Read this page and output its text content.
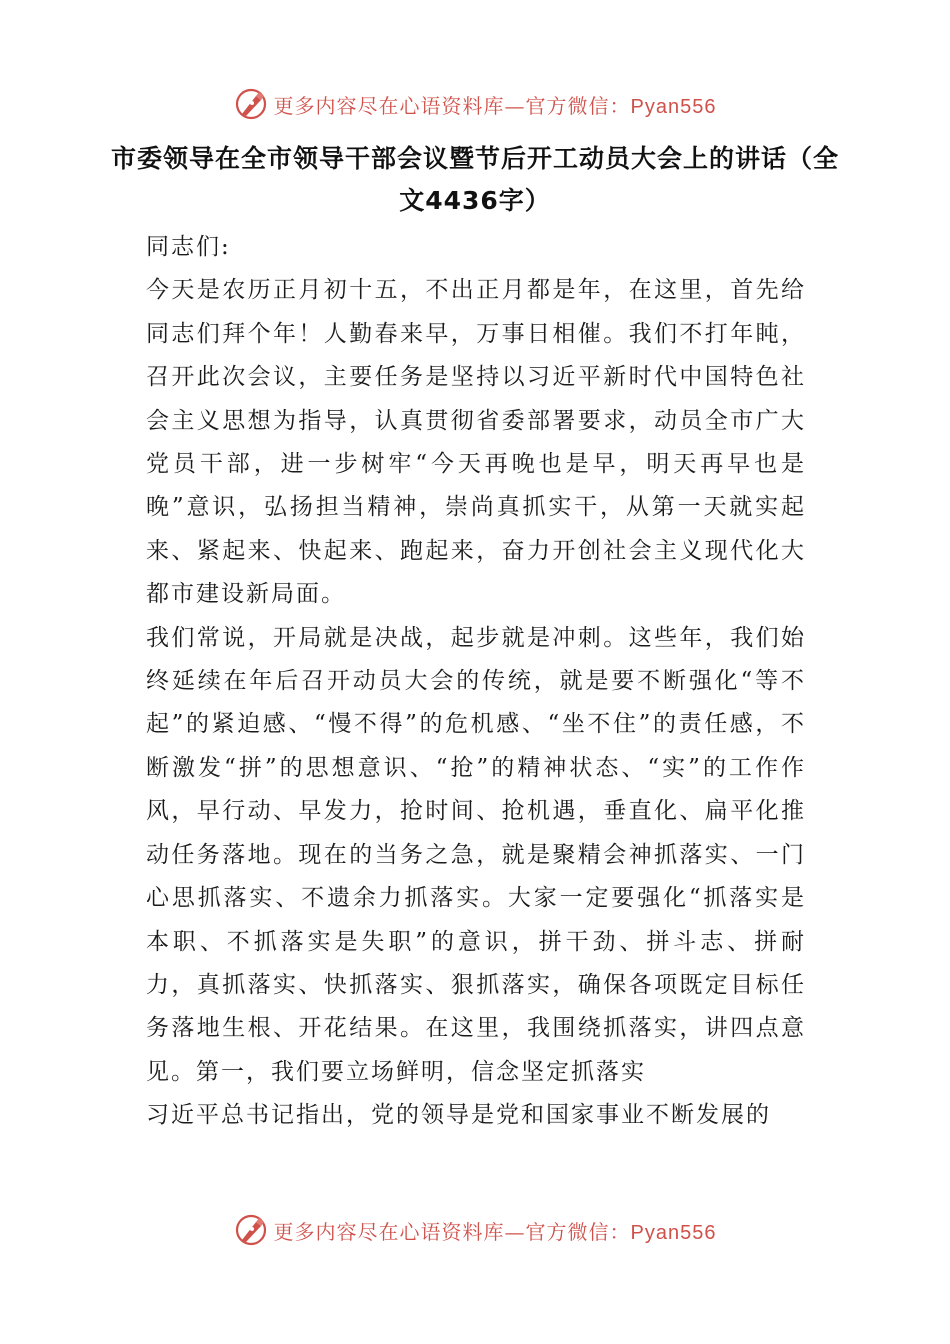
更多内容尽在心语资料库—官方微信：Pyan556
市委领导在全市领导干部会议暨节后开工动员大会上的讲话（全文4436字）

同志们:

今天是农历正月初十五，不出正月都是年，在这里，首先给同志们拜个年！人勤春来早，万事日相催。我们不打年盹，召开此次会议，主要任务是坚持以习近平新时代中国特色社会主义思想为指导，认真贯彻省委部署要求，动员全市广大党员干部，进一步树牢“今天再晚也是早，明天再早也是晚”意识，弘扬担当精神，崇尚真抓实干，从第一天就实起来、紧起来、快起来、跑起来，奋力开创社会主义现代化大都市建设新局面。

我们常说，开局就是决战，起步就是冲刺。这些年，我们始终延续在年后召开动员大会的传统，就是要不断强化“等不起”的紧迫感、“慢不得”的危机感、“坐不住”的责任感，不断激发“拼”的思想意识、“抢”的精神状态、“实”的工作作风，早行动、早发力，抢时间、抢机遇，垂直化、扁平化推动任务落地。现在的当务之急，就是聚精会神抓落实、一门心思抓落实、不遗余力抓落实。大家一定要强化“抓落实是本职、不抓落实是失职”的意识，拼干劲、拼斗志、拼耐力，真抓落实、快抓落实、狠抓落实，确保各项既定目标任务落地生根、开花结果。在这里，我围绕抓落实，讲四点意见。第一，我们要立场鲜明，信念坚定抓落实

习近平总书记指出，党的领导是党和国家事业不断发展的

更多内容尽在心语资料库—官方微信：Pyan556
